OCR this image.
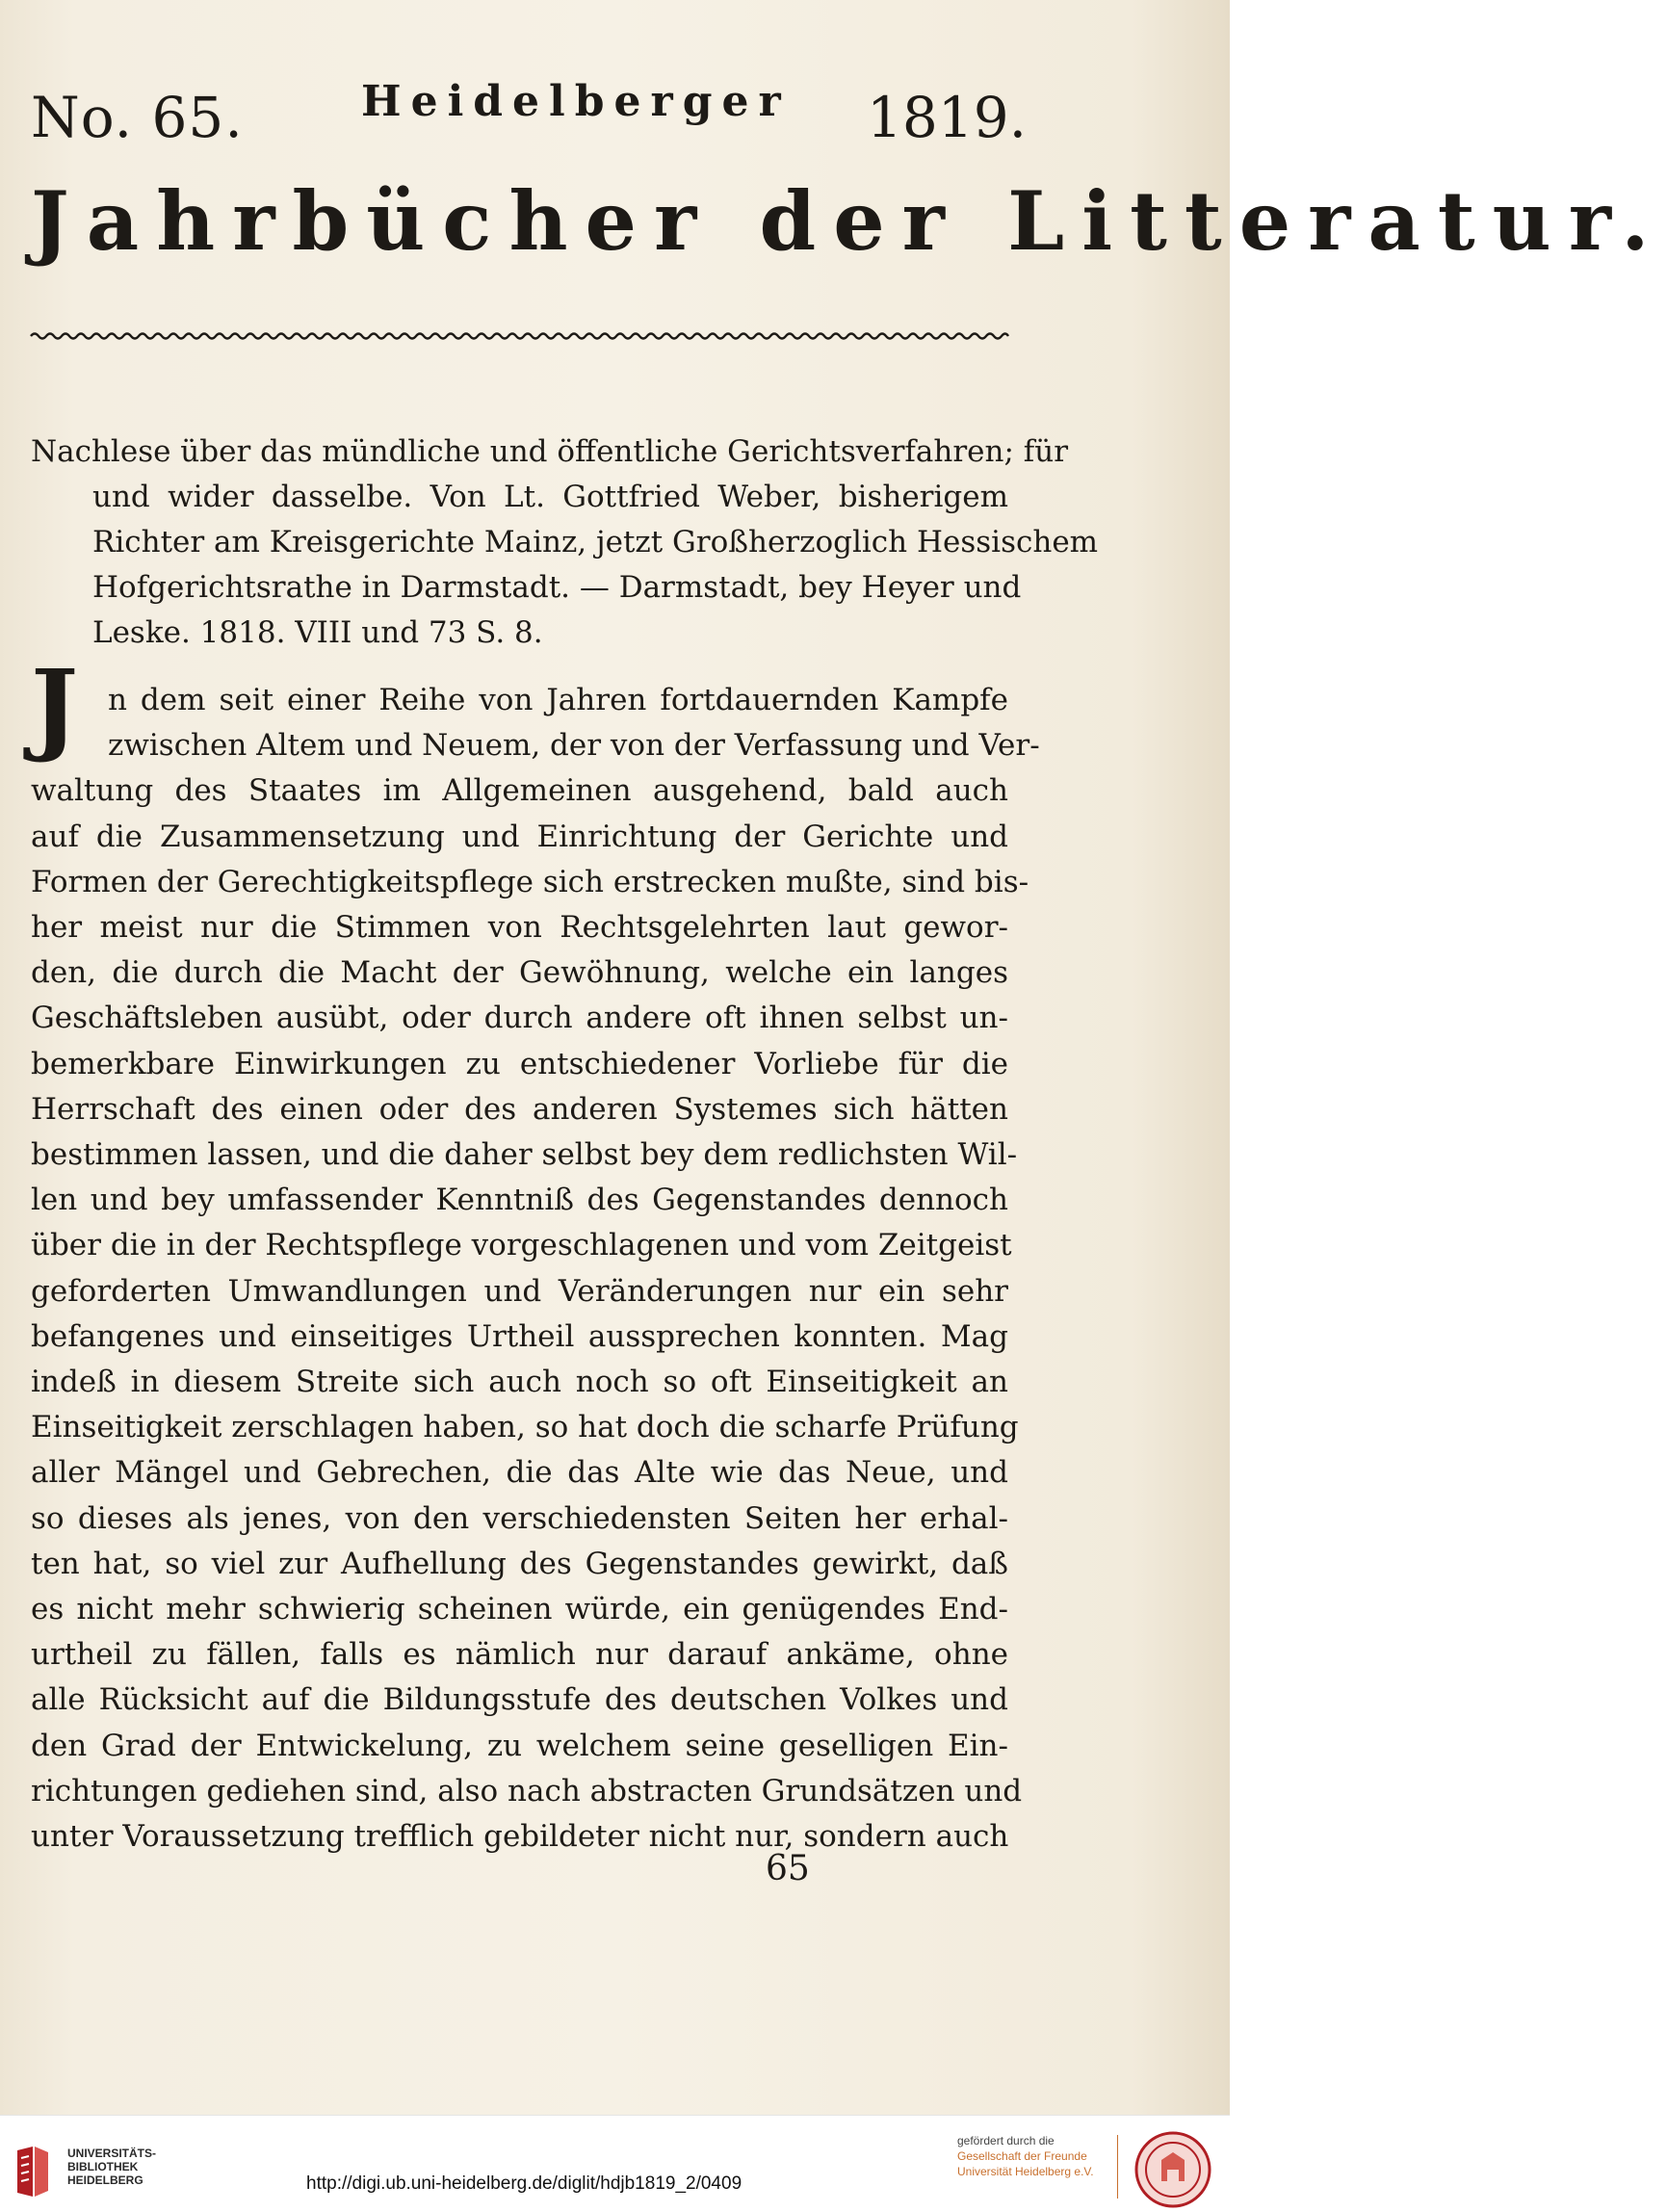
No. 65.	Heidelberger 1819.
Jahrbücher der Litteratur.
Nachlese über das mündliche und öffentliche Gerichtsverfahren; für
und wider dasselbe. Von Lt. Gottfried Weber, bisherigem
Richter am Kreisgerichte Mainz, jetzt Großherzoglich Hessischem
Hofgerichtsrathe in Darmstadt. — Darmstadt, bey Heyer und
Leske. 1818. VIII und 73 S. 8.
J n dem seit einer Reihe von Jahren fortdauernden Kampfe
zwischen Altem und Neuem, der von der Verfassung und Ver-
waltung des Staates im Allgemeinen ausgehend, bald auch
auf die Zusammensetzung und Einrichtung der Gerichte und
Formen der Gerechtigkeitspflege sich erstrecken mußte, sind bis-
her meist nur die Stimmen von Rechtsgelehrten laut gewor-
den, die durch die Macht der Gewöhnung, welche ein langes
Geschäftsleben ausübt, oder durch andere oft ihnen selbst un-
bemerkbare Einwirkungen zu entschiedener Vorliebe für die
Herrschaft des einen oder des anderen Systemes sich hätten
bestimmen lassen, und die daher selbst bey dem redlichsten Wil-
len und bey umfassender Kenntniß des Gegenstandes dennoch
über die in der Rechtspflege vorgeschlagenen und vom Zeitgeist
geforderten Umwandlungen und Veränderungen nur ein sehr
befangenes und einseitiges Urtheil aussprechen konnten. Mag
indeß in diesem Streite sich auch noch so oft Einseitigkeit an
Einseitigkeit zerschlagen haben, so hat doch die scharfe Prüfung
aller Mängel und Gebrechen, die das Alte wie das Neue, und
so dieses als jenes, von den verschiedensten Seiten her erhal-
ten hat, so viel zur Aufhellung des Gegenstandes gewirkt, daß
es nicht mehr schwierig scheinen würde, ein genügendes End-
urtheil zu fällen, falls es nämlich nur darauf ankäme, ohne
alle Rücksicht auf die Bildungsstufe des deutschen Volkes und
den Grad der Entwickelung, zu welchem seine geselligen Ein-
richtungen gediehen sind, also nach abstracten Grundsätzen und
unter Voraussetzung trefflich gebildeter nicht nur, sondern auch
65
UNIVERSITÄTS-
BIBLIOTHEK
HEIDELBERG	http://digi.ub.uni-heidelberg.de/diglit/hdjb1819_2/0409
gefördert durch die

Gesellschaft der Freunde
Universität Heidelberg e.V.
